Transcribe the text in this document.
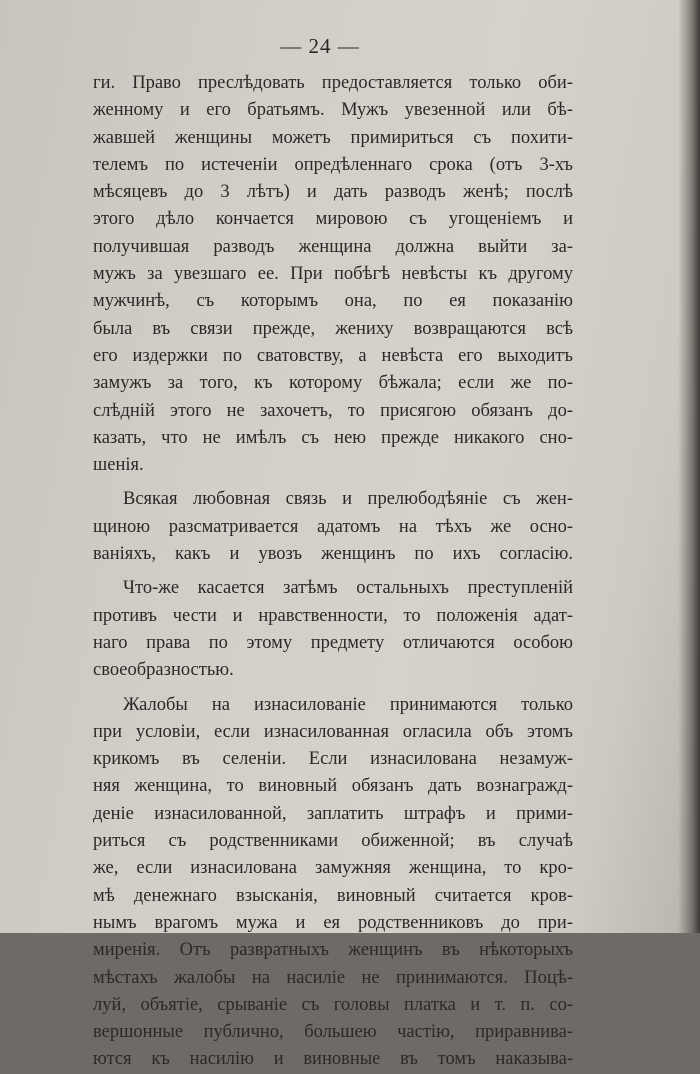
— 24 —
ги. Право преслѣдовать предоставляется только оби-
женному и его братьямъ. Мужъ увезенной или бѣ-
жавшей женщины можетъ примириться съ похити-
телемъ по истеченіи опредѣленнаго срока (отъ 3-хъ
мѣсяцевъ до 3 лѣтъ) и дать разводъ женѣ; послѣ
этого дѣло кончается мировою съ угощеніемъ и
получившая разводъ женщина должна выйти за-
мужъ за увезшаго ее. При побѣгѣ невѣсты къ другому
мужчинѣ, съ которымъ она, по ея показанію
была въ связи прежде, жениху возвращаются всѣ
его издержки по сватовству, а невѣста его выходитъ
замужъ за того, къ которому бѣжала; если же по-
слѣдній этого не захочетъ, то присягою обязанъ до-
казать, что не имѣлъ съ нею прежде никакого сно-
шенія.
Всякая любовная связь и прелюбодѣяніе съ жен-
щиною разсматривается адатомъ на тѣхъ же осно-
ваніяхъ, какъ и увозъ женщинъ по ихъ согласію.
Что-же касается затѣмъ остальныхъ преступленій
противъ чести и нравственности, то положенія адат-
наго права по этому предмету отличаются особою
своеобразностью.
Жалобы на изнасилованіе принимаются только
при условіи, если изнасилованная огласила объ этомъ
крикомъ въ селеніи. Если изнасилована незамуж-
няя женщина, то виновный обязанъ дать вознагражд-
деніе изнасилованной, заплатить штрафъ и прими-
риться съ родственниками обиженной; въ случаѣ
же, если изнасилована замужняя женщина, то кро-
мѣ денежнаго взысканія, виновный считается кров-
нымъ врагомъ мужа и ея родственниковъ до при-
миренія. Отъ развратныхъ женщинъ въ нѣкоторыхъ
мѣстахъ жалобы на насиліе не принимаются. Поцѣ-
луй, объятіе, срываніе съ головы платка и т. п. со-
вершонные публично, большею частію, приравнива-
ются къ насилію и виновные въ томъ наказыва-
